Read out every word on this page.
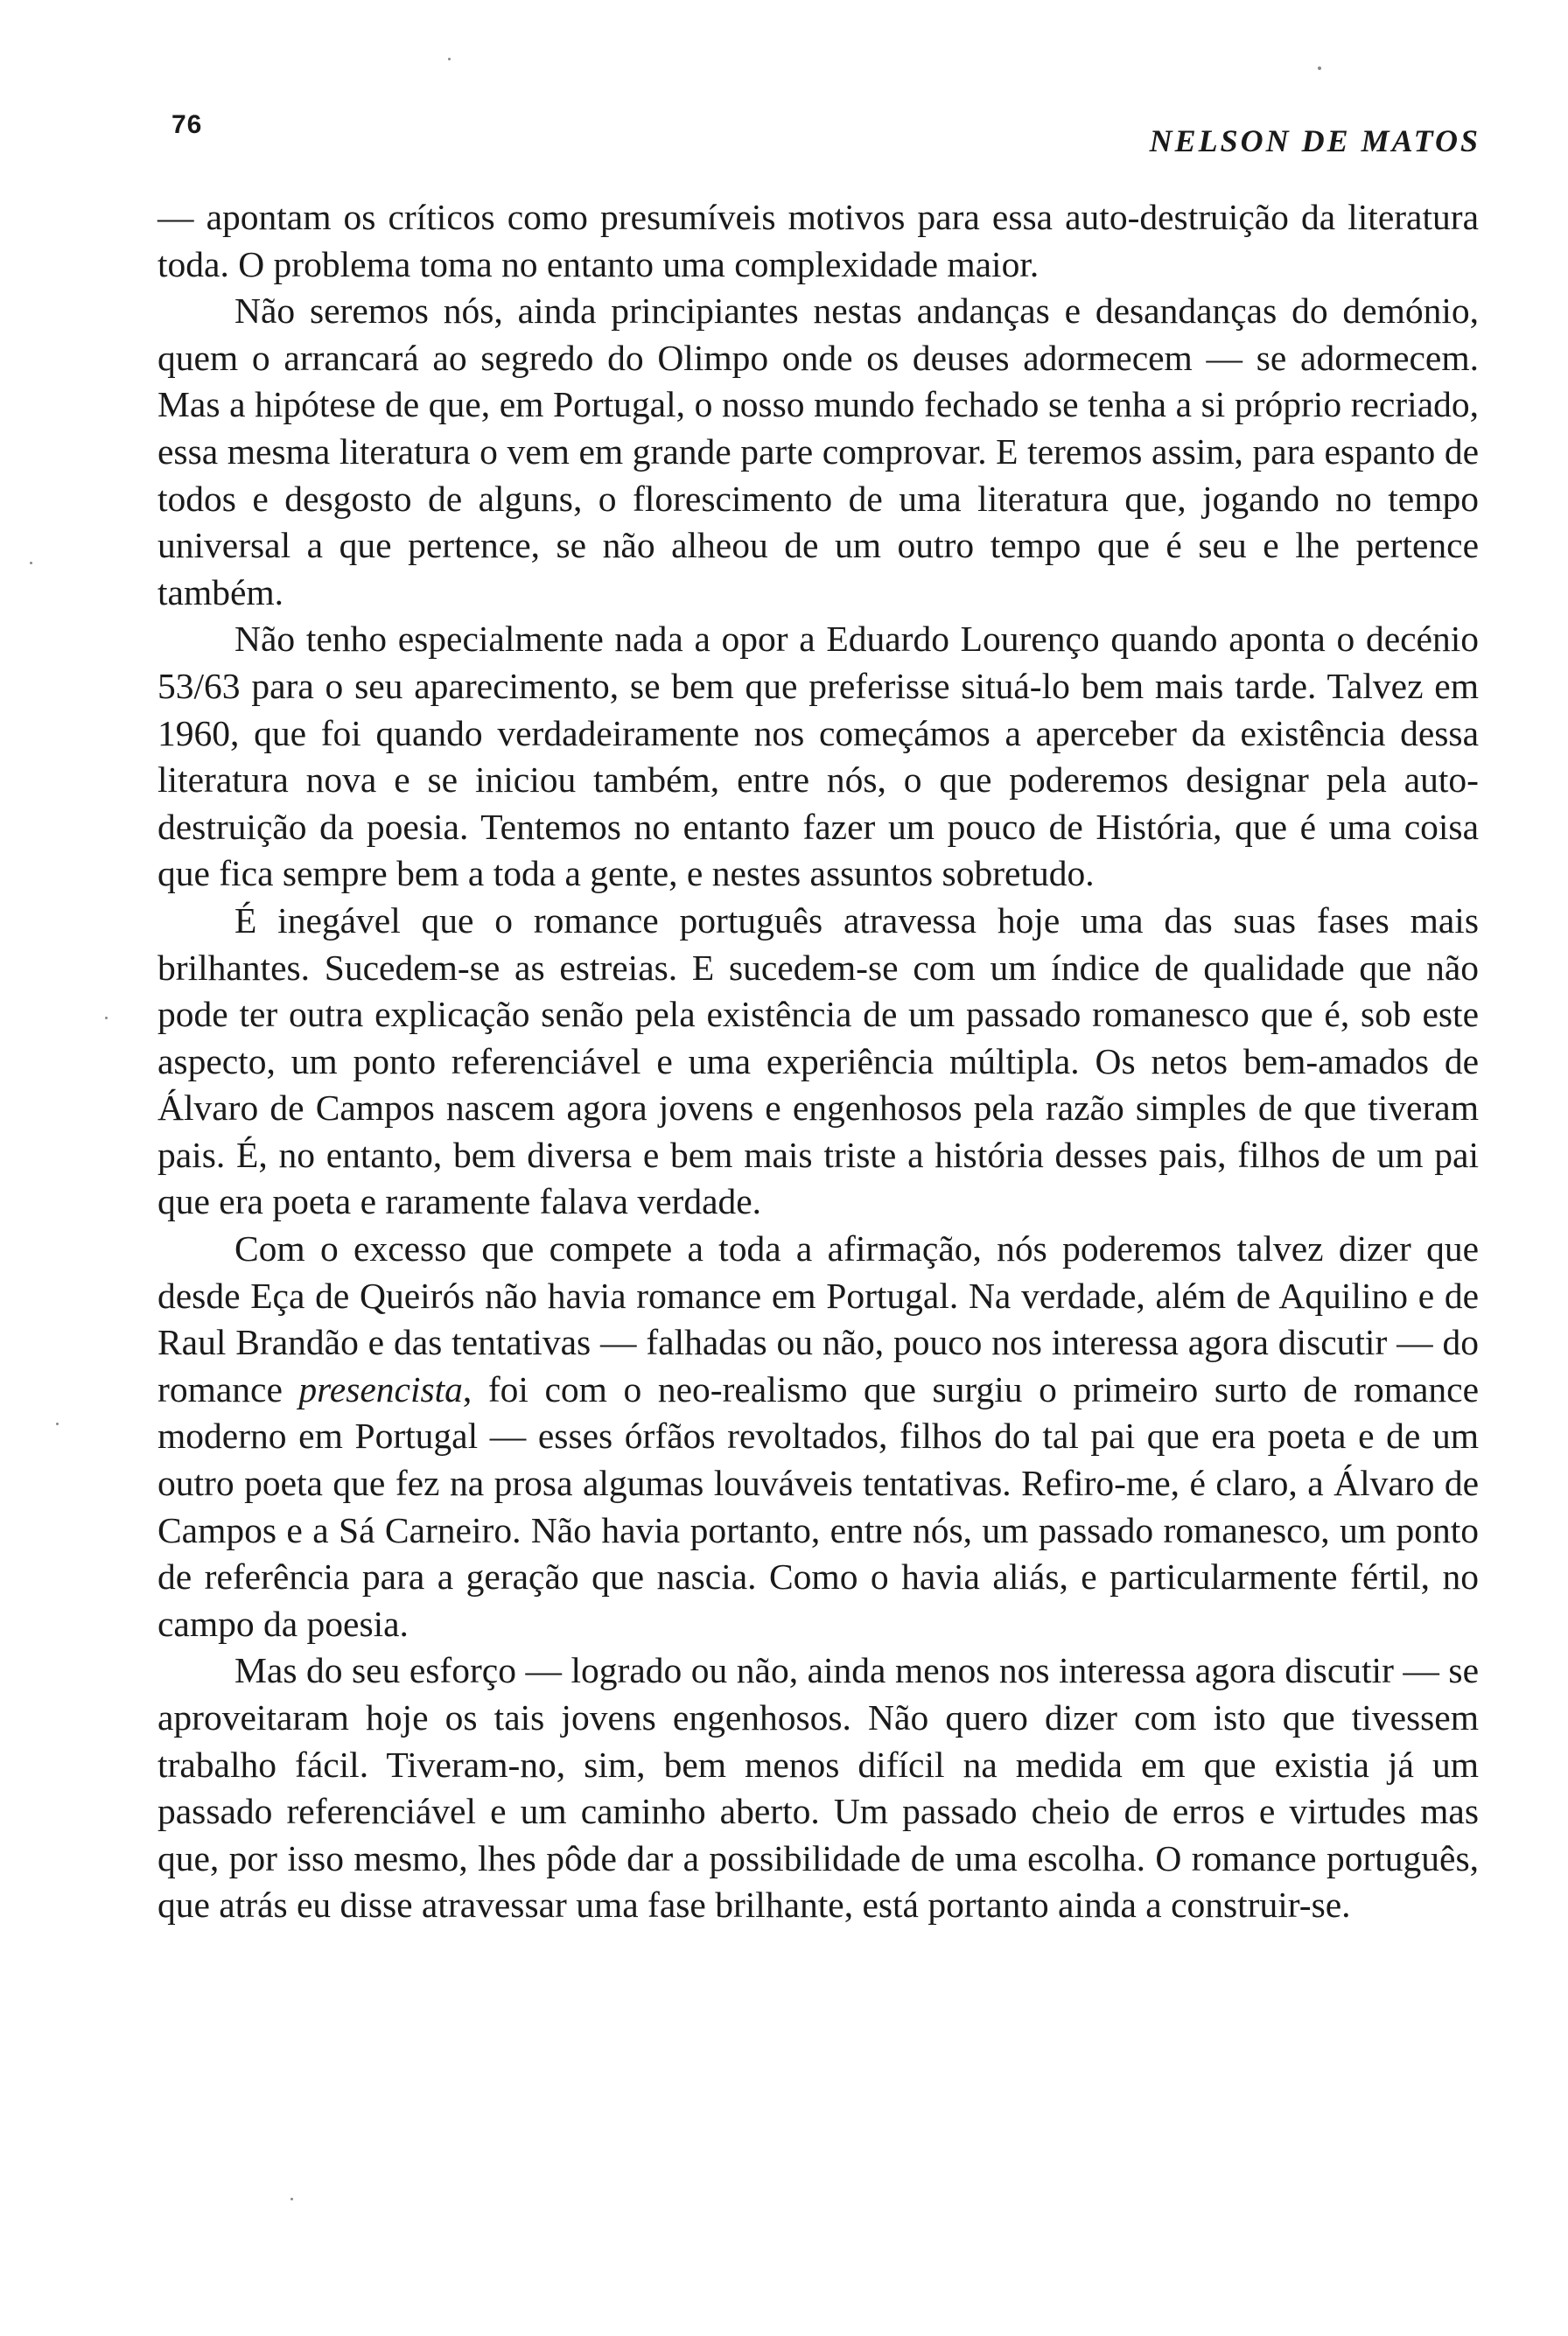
76	NELSON DE MATOS

— apontam os críticos como presumíveis motivos para essa auto-destruição da literatura toda. O problema toma no entanto uma complexidade maior.

Não seremos nós, ainda principiantes nestas andanças e desandanças do demónio, quem o arrancará ao segredo do Olimpo onde os deuses adormecem — se adormecem. Mas a hipótese de que, em Portugal, o nosso mundo fechado se tenha a si próprio recriado, essa mesma literatura o vem em grande parte comprovar. E teremos assim, para espanto de todos e desgosto de alguns, o florescimento de uma literatura que, jogando no tempo universal a que pertence, se não alheou de um outro tempo que é seu e lhe pertence também.

Não tenho especialmente nada a opor a Eduardo Lourenço quando aponta o decénio 53/63 para o seu aparecimento, se bem que preferisse situá-lo bem mais tarde. Talvez em 1960, que foi quando verdadeiramente nos começámos a aperceber da existência dessa literatura nova e se iniciou também, entre nós, o que poderemos designar pela auto-destruição da poesia. Tentemos no entanto fazer um pouco de História, que é uma coisa que fica sempre bem a toda a gente, e nestes assuntos sobretudo.

É inegável que o romance português atravessa hoje uma das suas fases mais brilhantes. Sucedem-se as estreias. E sucedem-se com um índice de qualidade que não pode ter outra explicação senão pela existência de um passado romanesco que é, sob este aspecto, um ponto referenciável e uma experiência múltipla. Os netos bem-amados de Álvaro de Campos nascem agora jovens e engenhosos pela razão simples de que tiveram pais. É, no entanto, bem diversa e bem mais triste a história desses pais, filhos de um pai que era poeta e raramente falava verdade.

Com o excesso que compete a toda a afirmação, nós poderemos talvez dizer que desde Eça de Queirós não havia romance em Portugal. Na verdade, além de Aquilino e de Raul Brandão e das tentativas — falhadas ou não, pouco nos interessa agora discutir — do romance presencista, foi com o neo-realismo que surgiu o primeiro surto de romance moderno em Portugal — esses órfãos revoltados, filhos do tal pai que era poeta e de um outro poeta que fez na prosa algumas louváveis tentativas. Refiro-me, é claro, a Álvaro de Campos e a Sá Carneiro. Não havia portanto, entre nós, um passado romanesco, um ponto de referência para a geração que nascia. Como o havia aliás, e particularmente fértil, no campo da poesia.

Mas do seu esforço — logrado ou não, ainda menos nos interessa agora discutir — se aproveitaram hoje os tais jovens engenhosos. Não quero dizer com isto que tivessem trabalho fácil. Tiveram-no, sim, bem menos difícil na medida em que existia já um passado referenciável e um caminho aberto. Um passado cheio de erros e virtudes mas que, por isso mesmo, lhes pôde dar a possibilidade de uma escolha. O romance português, que atrás eu disse atravessar uma fase brilhante, está portanto ainda a construir-se.
